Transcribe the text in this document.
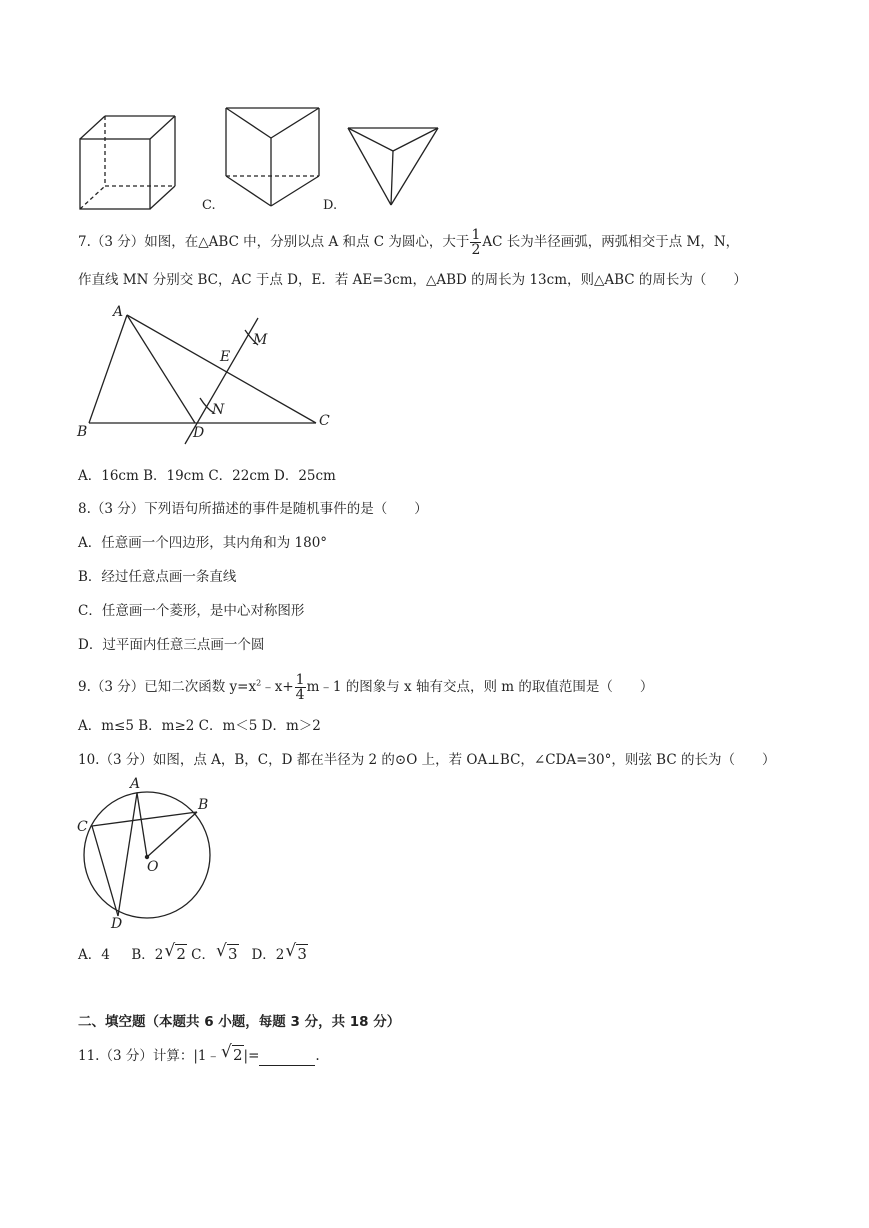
C.	D.
7.（3 分）如图，在△ABC 中，分别以点 A 和点 C 为圆心，大于 $\frac{1}{2}$ AC 长为半径画弧，两弧相交于点 M，N，
作直线 MN 分别交 BC，AC 于点 D，E．若 AE=3cm，△ABD 的周长为 13cm，则△ABC 的周长为（　　）
A
B
C
D
E
M
N
A．16cm B．19cm C．22cm D．25cm
8.（3 分）下列语句所描述的事件是随机事件的是（　　）
A．任意画一个四边形，其内角和为 180°
B．经过任意点画一条直线
C．任意画一个菱形，是中心对称图形
D．过平面内任意三点画一个圆
9.（3 分）已知二次函数 $y=x^2﹣x+ \frac{1}{4}$ m﹣1 的图象与 x 轴有交点，则 m 的取值范围是（　　）
A．m≤5 B．m≥2 C．m＜5 D．m＞2
10.（3 分）如图，点 A，B，C，D 都在半径为 2 的⊙O 上，若 OA⊥BC，∠CDA=30°，则弦 BC 的长为（　　）
A
B
C
D
O
A．4 B．2 √ 2 C． √ 3 D．2 √ 3
二、填空题（本题共 6 小题，每题 3 分，共 18 分）
11.（3 分）计算：|1﹣ √ 2|=	.
